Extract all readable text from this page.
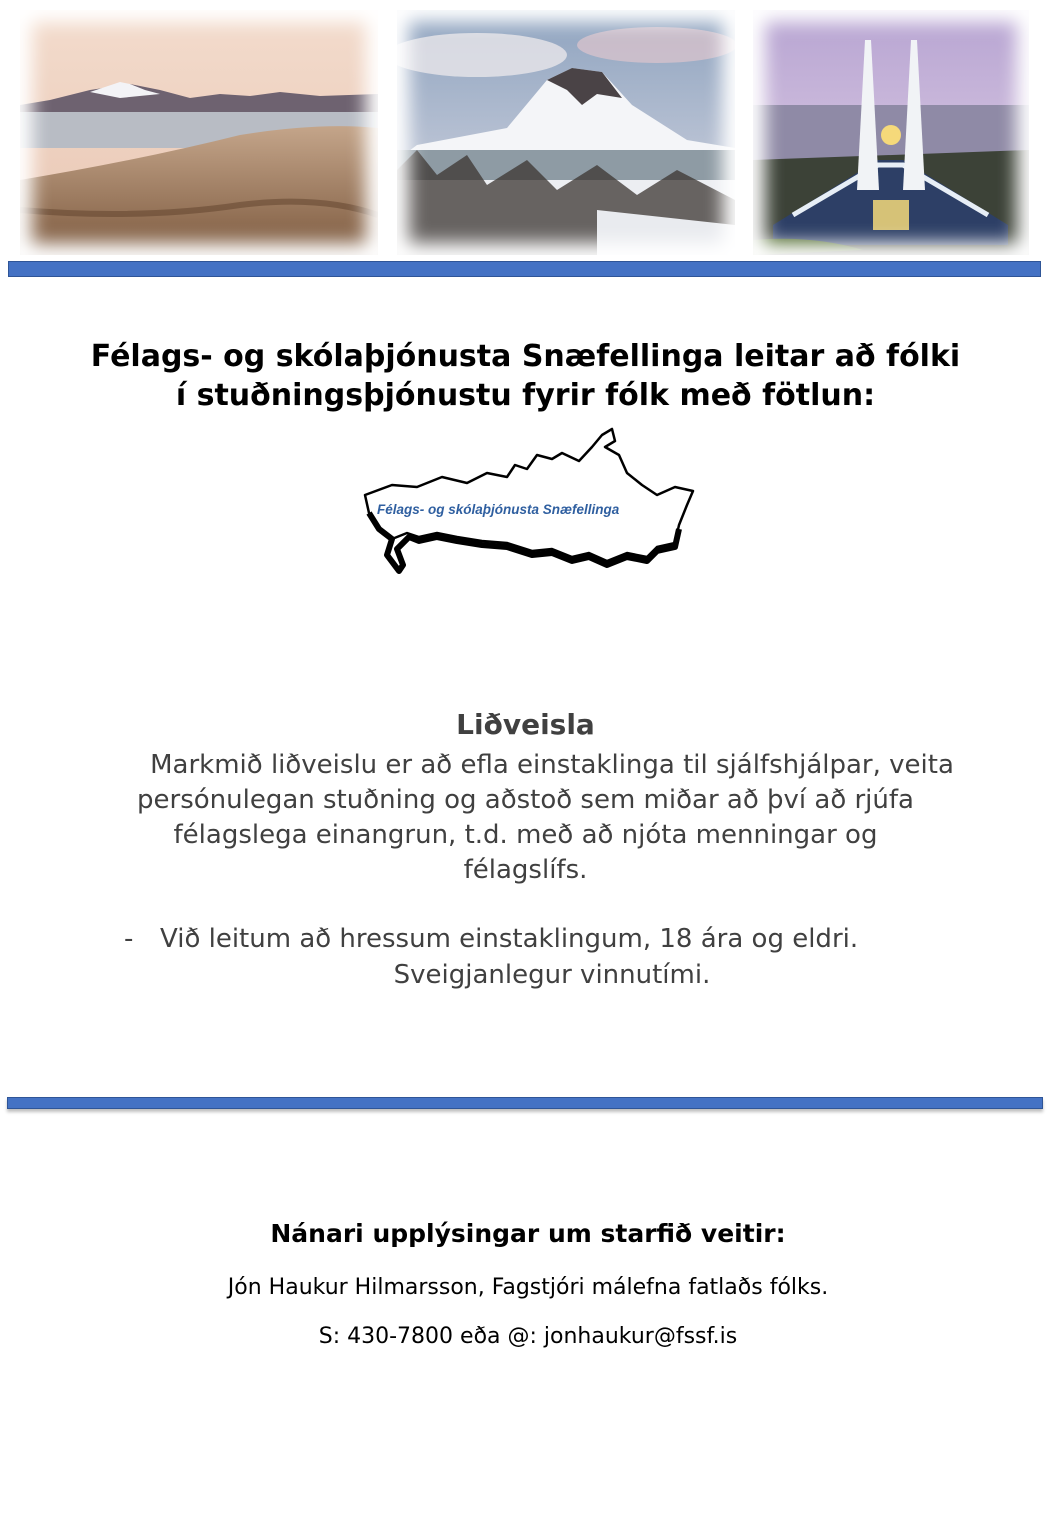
Félags- og skólaþjónusta Snæfellinga leitar að fólki
í stuðningsþjónustu fyrir fólk með fötlun:
Félags- og skólaþjónusta Snæfellinga
Liðveisla
Markmið liðveislu er að efla einstaklinga til sjálfshjálpar, veita
persónulegan stuðning og aðstoð sem miðar að því að rjúfa
félagslega einangrun, t.d. með að njóta menningar og
félagslífs.
- Við leitum að hressum einstaklingum, 18 ára og eldri.
Sveigjanlegur vinnutími.
Nánari upplýsingar um starfið veitir:
Jón Haukur Hilmarsson, Fagstjóri málefna fatlaðs fólks.
S: 430-7800 eða @: jonhaukur@fssf.is
